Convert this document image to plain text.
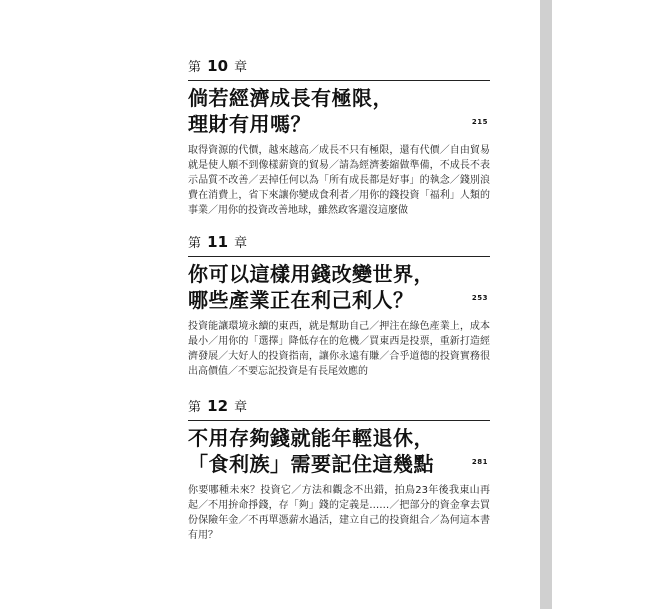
第 10 章
倘若經濟成長有極限，
理財有用嗎？	215
取得資源的代價，越來越高／成長不只有極限，還有代價／自由貿易就是使人願不到像樣薪資的貿易／請為經濟萎縮做準備，不成長不表示品質不改善／丟掉任何以為「所有成長都是好事」的執念／錢別浪費在消費上，省下來讓你變成食利者／用你的錢投資「福利」人類的事業／用你的投資改善地球，雖然政客還沒這麼做
第 11 章
你可以這樣用錢改變世界，
哪些產業正在利己利人？	253
投資能讓環境永續的東西，就是幫助自己／押注在綠色產業上，成本最小／用你的「選擇」降低存在的危機／買東西是投票，重新打造經濟發展／大好人的投資指南，讓你永遠有賺／合乎道德的投資實務很出高價值／不要忘記投資是有長尾效應的
第 12 章
不用存夠錢就能年輕退休，
「食利族」需要記住這幾點	281
你要哪種未來？投資它／方法和觀念不出錯，拍鳥23年後我東山再起／不用拚命掙錢，存「夠」錢的定義是……／把部分的資金拿去買份保險年金／不再單憑薪水過活，建立自己的投資組合／為何這本書有用？
